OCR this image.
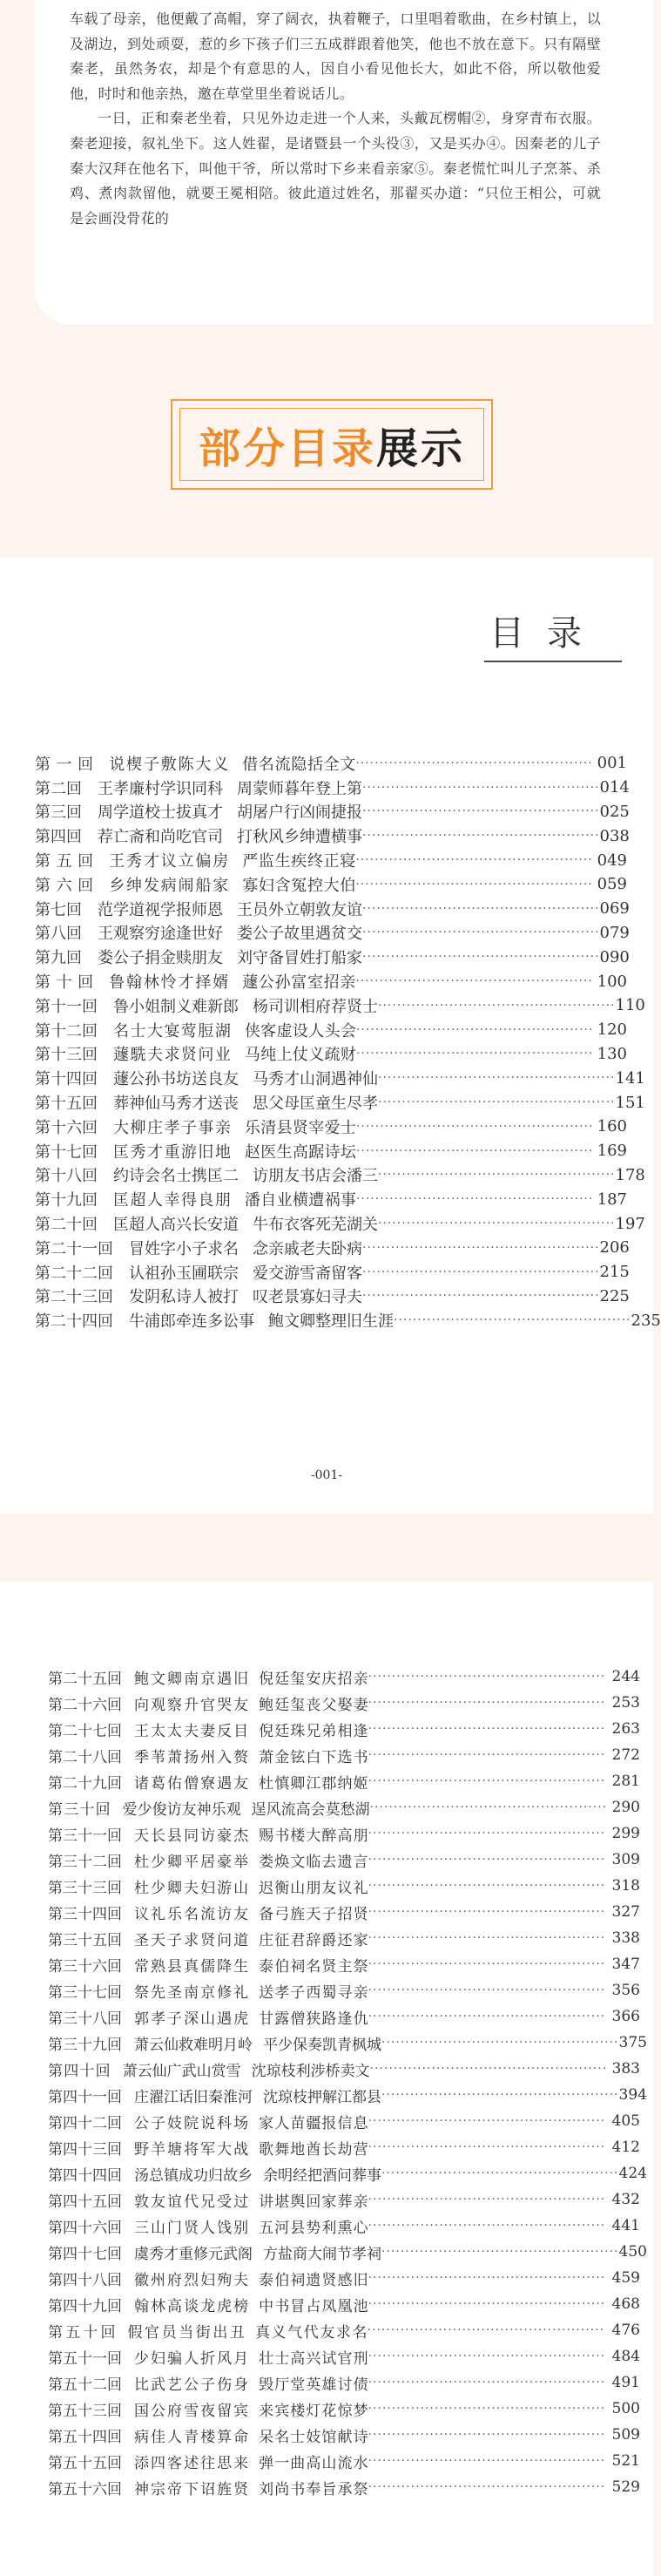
车载了母亲，他便戴了高帽，穿了阔衣，执着鞭子，口里唱着歌曲，在乡村镇上，以及湖边，到处顽耍，惹的乡下孩子们三五成群跟着他笑，他也不放在意下。只有隔壁秦老，虽然务农，却是个有意思的人，因自小看见他长大，如此不俗，所以敬他爱他，时时和他亲热，邀在草堂里坐着说话儿。

一日，正和秦老坐着，只见外边走进一个人来，头戴瓦楞帽②，身穿青布衣服。秦老迎接，叙礼坐下。这人姓翟，是诸暨县一个头役③，又是买办④。因秦老的儿子秦大汉拜在他名下，叫他干爷，所以常时下乡来看亲家⑤。秦老慌忙叫儿子烹茶、杀鸡、煮肉款留他，就要王冕相陪。彼此道过姓名，那翟买办道：“只位王相公，可就是会画没骨花的

部分目录 展示
目录
第一回 说楔子敷陈大义 借名流隐括全文 ·················································· 001
第二回 王孝廉村学识同科 周蒙师暮年登上第 ·················································· 014
第三回 周学道校士拔真才 胡屠户行凶闹捷报 ·················································· 025
第四回 荐亡斋和尚吃官司 打秋风乡绅遭横事 ·················································· 038
第五回 王秀才议立偏房 严监生疾终正寝 ·················································· 049
第六回 乡绅发病闹船家 寡妇含冤控大伯 ·················································· 059
第七回 范学道视学报师恩 王员外立朝敦友谊 ·················································· 069
第八回 王观察穷途逢世好 娄公子故里遇贫交 ·················································· 079
第九回 娄公子捐金赎朋友 刘守备冒姓打船家 ·················································· 090
第十回 鲁翰林怜才择婿 蘧公孙富室招亲 ·················································· 100
第十一回 鲁小姐制义难新郎 杨司训相府荐贤士 ·················································· 110
第十二回 名士大宴莺脰湖 侠客虚设人头会 ·················································· 120
第十三回 蘧駪夫求贤问业 马纯上仗义疏财 ·················································· 130
第十四回 蘧公孙书坊送良友 马秀才山洞遇神仙 ·················································· 141
第十五回 葬神仙马秀才送丧 思父母匡童生尽孝 ·················································· 151
第十六回 大柳庄孝子事亲 乐清县贤宰爱士 ·················································· 160
第十七回 匡秀才重游旧地 赵医生高踞诗坛 ·················································· 169
第十八回 约诗会名士携匡二 访朋友书店会潘三 ·················································· 178
第十九回 匡超人幸得良朋 潘自业横遭祸事 ·················································· 187
第二十回 匡超人高兴长安道 牛布衣客死芜湖关 ·················································· 197
第二十一回 冒姓字小子求名 念亲戚老夫卧病 ·················································· 206
第二十二回 认祖孙玉圃联宗 爱交游雪斋留客 ·················································· 215
第二十三回 发阴私诗人被打 叹老景寡妇寻夫 ·················································· 225
第二十四回 牛浦郎牵连多讼事 鲍文卿整理旧生涯 ·················································· 235
-001-
第二十五回 鲍文卿南京遇旧 倪廷玺安庆招亲 ·················································· 244
第二十六回 向观察升官哭友 鲍廷玺丧父娶妻 ·················································· 253
第二十七回 王太太夫妻反目 倪廷珠兄弟相逢 ·················································· 263
第二十八回 季苇萧扬州入赘 萧金铉白下选书 ·················································· 272
第二十九回 诸葛佑僧寮遇友 杜慎卿江郡纳姬 ·················································· 281
第三十回 爱少俊访友神乐观 逞风流高会莫愁湖 ·················································· 290
第三十一回 天长县同访豪杰 赐书楼大醉高朋 ·················································· 299
第三十二回 杜少卿平居豪举 娄焕文临去遗言 ·················································· 309
第三十三回 杜少卿夫妇游山 迟衡山朋友议礼 ·················································· 318
第三十四回 议礼乐名流访友 备弓旌天子招贤 ·················································· 327
第三十五回 圣天子求贤问道 庄征君辞爵还家 ·················································· 338
第三十六回 常熟县真儒降生 泰伯祠名贤主祭 ·················································· 347
第三十七回 祭先圣南京修礼 送孝子西蜀寻亲 ·················································· 356
第三十八回 郭孝子深山遇虎 甘露僧狭路逢仇 ·················································· 366
第三十九回 萧云仙救难明月岭 平少保奏凯青枫城 ·················································· 375
第四十回 萧云仙广武山赏雪 沈琼枝利涉桥卖文 ·················································· 383
第四十一回 庄濯江话旧秦淮河 沈琼枝押解江都县 ·················································· 394
第四十二回 公子妓院说科场 家人苗疆报信息 ·················································· 405
第四十三回 野羊塘将军大战 歌舞地酋长劫营 ·················································· 412
第四十四回 汤总镇成功归故乡 余明经把酒问葬事 ·················································· 424
第四十五回 敦友谊代兄受过 讲堪舆回家葬亲 ·················································· 432
第四十六回 三山门贤人饯别 五河县势利熏心 ·················································· 441
第四十七回 虞秀才重修元武阁 方盐商大闹节孝祠 ·················································· 450
第四十八回 徽州府烈妇殉夫 泰伯祠遗贤感旧 ·················································· 459
第四十九回 翰林高谈龙虎榜 中书冒占凤凰池 ·················································· 468
第五十回 假官员当街出丑 真义气代友求名 ·················································· 476
第五十一回 少妇骗人折风月 壮士高兴试官刑 ·················································· 484
第五十二回 比武艺公子伤身 毁厅堂英雄讨债 ·················································· 491
第五十三回 国公府雪夜留宾 来宾楼灯花惊梦 ·················································· 500
第五十四回 病佳人青楼算命 呆名士妓馆献诗 ·················································· 509
第五十五回 添四客述往思来 弹一曲高山流水 ·················································· 521
第五十六回 神宗帝下诏旌贤 刘尚书奉旨承祭 ·················································· 529
